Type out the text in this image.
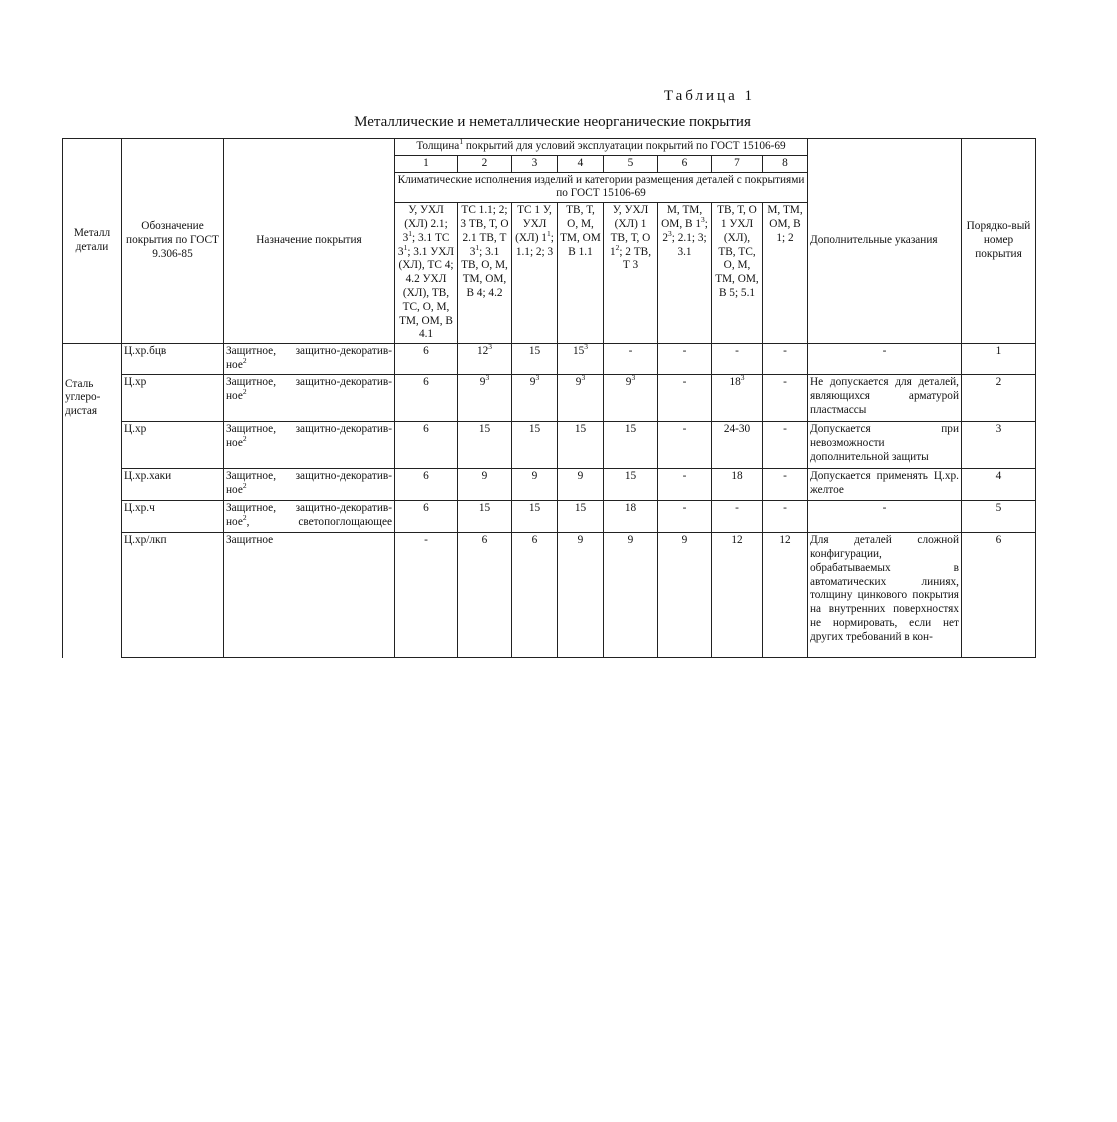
Таблица 1
Металлические и неметаллические неорганические покрытия
Металл детали	Обозначение покрытия по ГОСТ 9.306-85	Назначение покрытия	Толщина$^1$ покрытий для условий эксплуатации покрытий по ГОСТ 15106-69								Дополнительные указания	Порядко-вый номер покрытия
			1	2	3	4	5	6	7	8		
			Климатические исполнения изделий и категории размещения деталей с покрытиями по ГОСТ 15106-69									
			У, УХЛ (ХЛ) 2.1; $3^1$; 3.1 ТС $3^1$; 3.1 УХЛ (ХЛ), ТС 4; 4.2 УХЛ (ХЛ), ТВ, ТС, О, М, ТМ, ОМ, В 4.1	ТС 1.1; 2; 3 ТВ, Т, О 2.1 ТВ, Т $3^1$; 3.1 ТВ, О, М, ТМ, ОМ, В 4; 4.2	ТС 1 У, УХЛ (ХЛ) $1^1$; 1.1; 2; 3	ТВ, Т, О, М, ТМ, ОМ В 1.1	У, УХЛ (ХЛ) 1 ТВ, Т, О $1^2$; 2 ТВ, Т 3	М, ТМ, ОМ, В $1^3$; $2^3$; 2.1; 3; 3.1	ТВ, Т, О 1 УХЛ (ХЛ), ТВ, ТС, О, М, ТМ, ОМ, В 5; 5.1	М, ТМ, ОМ, В 1; 2		
	Ц.хр.бцв	Защитное, защитно-декоративное$^2$	6	$12^3$	15	$15^3$	-	-	-	-	-	1
Сталь углеро-дистая	Ц.хр	Защитное, защитно-декоративное$^2$	6	$9^3$	$9^3$	$9^3$	$9^3$	-	$18^3$	-	Не допускается для деталей, являющихся арматурой пластмассы	2
	Ц.хр	Защитное, защитно-декоративное$^2$	6	15	15	15	15	-	24-30	-	Допускается при невозможности дополнительной защиты	3
	Ц.хр.хаки	Защитное, защитно-декоративное$^2$	6	9	9	9	15	-	18	-	Допускается применять Ц.хр. желтое	4
	Ц.хр.ч	Защитное, защитно-декоративное$^2$, светопоглощающее	6	15	15	15	18	-	-	-	-	5
	Ц.хр/лкп	Защитное	-	6	6	9	9	9	12	12	Для деталей сложной конфигурации, обрабатываемых в автоматических линиях, толщину цинкового покрытия на внутренних поверхностях не нормировать, если нет других требований в кон-	6
